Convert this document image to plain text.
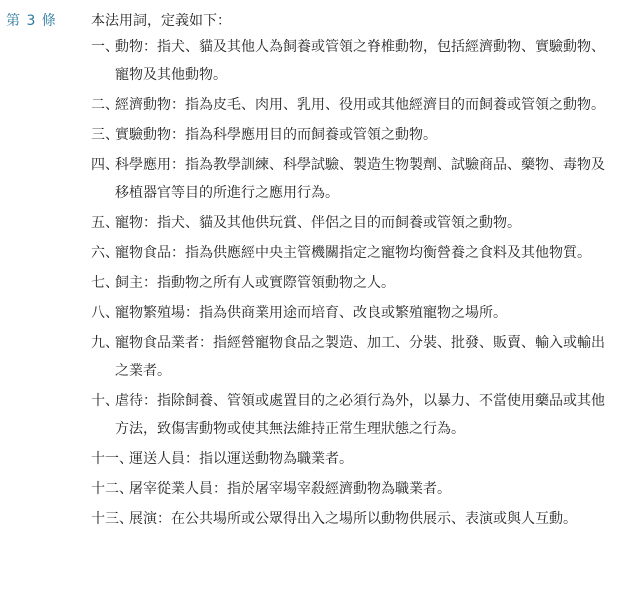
第 3 條 本法用詞，定義如下：
一、
動物：指犬、貓及其他人為飼養或管領之脊椎動物，包括經濟動物、實驗動物、寵物及其他動物。
二、
經濟動物：指為皮毛、肉用、乳用、役用或其他經濟目的而飼養或管領之動物。
三、
實驗動物：指為科學應用目的而飼養或管領之動物。
四、
科學應用：指為教學訓練、科學試驗、製造生物製劑、試驗商品、藥物、毒物及移植器官等目的所進行之應用行為。
五、
寵物：指犬、貓及其他供玩賞、伴侶之目的而飼養或管領之動物。
六、
寵物食品：指為供應經中央主管機關指定之寵物均衡營養之食料及其他物質。
七、
飼主：指動物之所有人或實際管領動物之人。
八、
寵物繁殖場：指為供商業用途而培育、改良或繁殖寵物之場所。
九、
寵物食品業者：指經營寵物食品之製造、加工、分裝、批發、販賣、輸入或輸出之業者。
十、
虐待：指除飼養、管領或處置目的之必須行為外，以暴力、不當使用藥品或其他方法，致傷害動物或使其無法維持正常生理狀態之行為。
十一、
運送人員：指以運送動物為職業者。
十二、
屠宰從業人員：指於屠宰場宰殺經濟動物為職業者。
十三、
展演：在公共場所或公眾得出入之場所以動物供展示、表演或與人互動。
